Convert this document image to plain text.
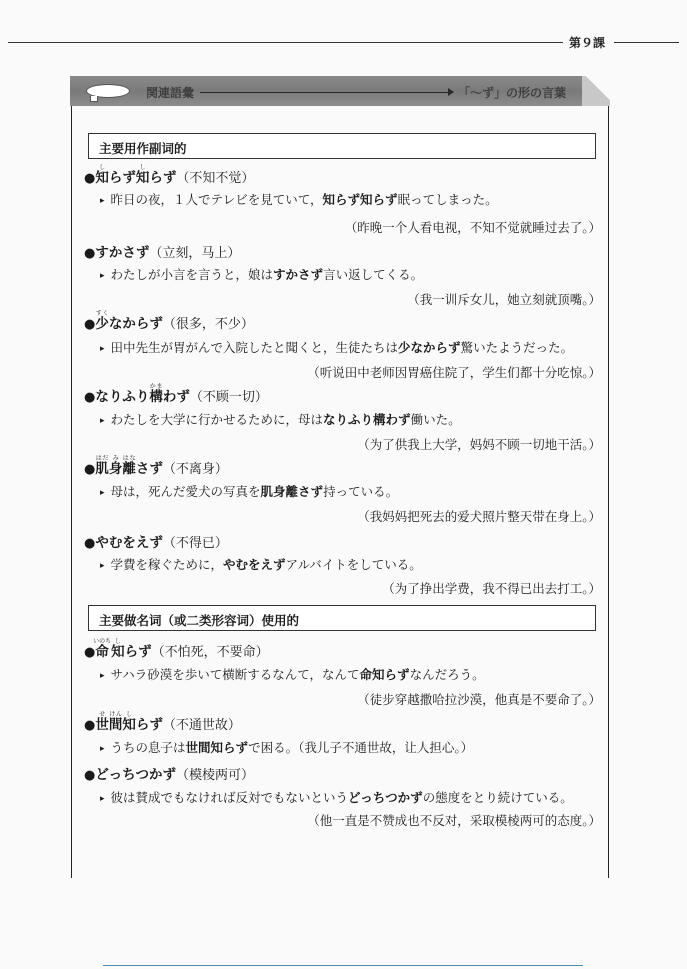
第９課
関連語彙	「～ず」の形の言葉
主要用作副词的
●知しらず知しらず（不知不觉）
▸ 昨日の夜，１人でテレビを見ていて，知らず知らず眠ってしまった。
（昨晚一个人看电视，不知不觉就睡过去了。）
●すかさず（立刻，马上）
▸ わたしが小言を言うと，娘はすかさず言い返してくる。
（我一训斥女儿，她立刻就顶嘴。）
●少すくなからず（很多，不少）
▸ 田中先生が胃がんで入院したと聞くと，生徒たちは少なからず驚いたようだった。
（听说田中老师因胃癌住院了，学生们都十分吃惊。）
●なりふり構かまわず（不顾一切）
▸ わたしを大学に行かせるために，母はなりふり構わず働いた。
（为了供我上大学，妈妈不顾一切地干活。）
●肌はだ身み離はなさず（不离身）
▸ 母は，死んだ愛犬の写真を肌身離さず持っている。
（我妈妈把死去的爱犬照片整天带在身上。）
●やむをえず（不得已）
▸ 学費を稼ぐために，やむをえずアルバイトをしている。
（为了挣出学费，我不得已出去打工。）
主要做名词（或二类形容词）使用的
●命いのち知しらず（不怕死，不要命）
▸ サハラ砂漠を歩いて横断するなんて，なんて命知らずなんだろう。
（徒步穿越撒哈拉沙漠，他真是不要命了。）
●世せ間けん知しらず（不通世故）
▸ うちの息子は世間知らずで困る。（我儿子不通世故，让人担心。）
●どっちつかず（模棱两可）
▸ 彼は賛成でもなければ反対でもないというどっちつかずの態度をとり続けている。
（他一直是不赞成也不反对，采取模棱两可的态度。）
